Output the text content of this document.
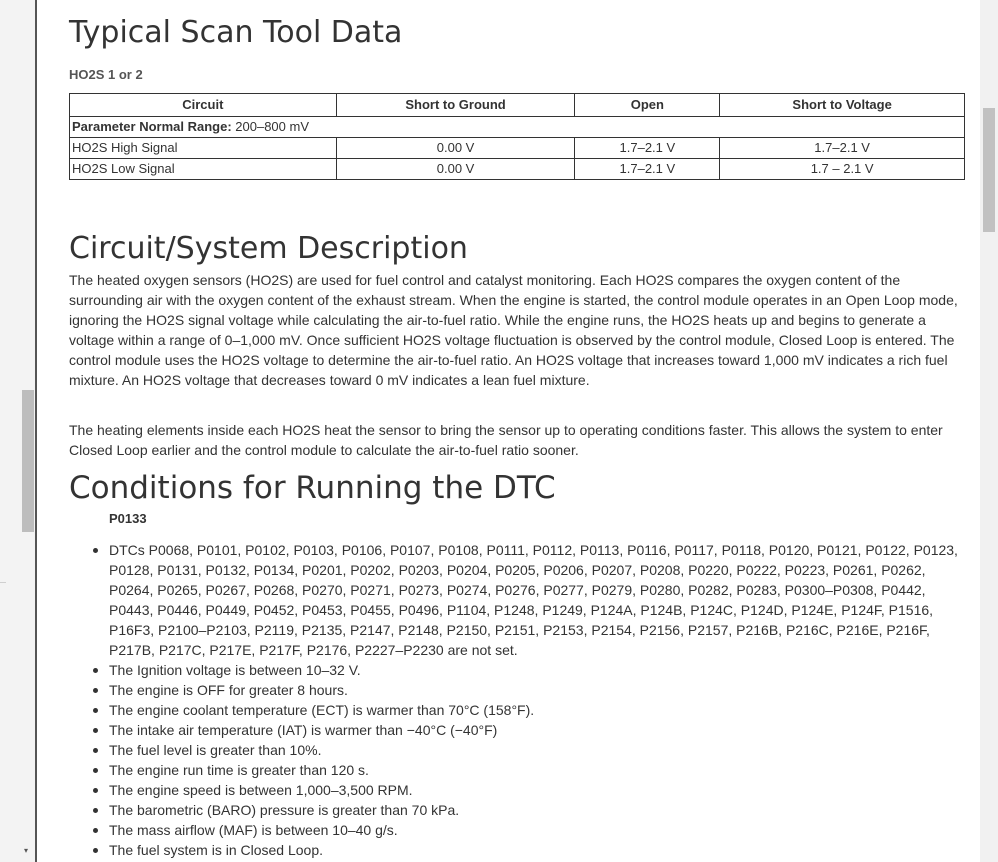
▾
Typical Scan Tool Data
HO2S 1 or 2
Circuit	Short to Ground	Open	Short to Voltage
Parameter Normal Range: 200–800 mV			
HO2S High Signal	0.00 V	1.7–2.1 V	1.7–2.1 V
HO2S Low Signal	0.00 V	1.7–2.1 V	1.7 – 2.1 V
Circuit/System Description

The heated oxygen sensors (HO2S) are used for fuel control and catalyst monitoring. Each HO2S compares the oxygen content of the surrounding air with the oxygen content of the exhaust stream. When the engine is started, the control module operates in an Open Loop mode, ignoring the HO2S signal voltage while calculating the air-to-fuel ratio. While the engine runs, the HO2S heats up and begins to generate a voltage within a range of 0–1,000 mV. Once sufficient HO2S voltage fluctuation is observed by the control module, Closed Loop is entered. The control module uses the HO2S voltage to determine the air-to-fuel ratio. An HO2S voltage that increases toward 1,000 mV indicates a rich fuel mixture. An HO2S voltage that decreases toward 0 mV indicates a lean fuel mixture.

The heating elements inside each HO2S heat the sensor to bring the sensor up to operating conditions faster. This allows the system to enter Closed Loop earlier and the control module to calculate the air-to-fuel ratio sooner.

Conditions for Running the DTC
P0133
DTCs P0068, P0101, P0102, P0103, P0106, P0107, P0108, P0111, P0112, P0113, P0116, P0117, P0118, P0120, P0121, P0122, P0123, P0128, P0131, P0132, P0134, P0201, P0202, P0203, P0204, P0205, P0206, P0207, P0208, P0220, P0222, P0223, P0261, P0262, P0264, P0265, P0267, P0268, P0270, P0271, P0273, P0274, P0276, P0277, P0279, P0280, P0282, P0283, P0300–P0308, P0442, P0443, P0446, P0449, P0452, P0453, P0455, P0496, P1104, P1248, P1249, P124A, P124B, P124C, P124D, P124E, P124F, P1516, P16F3, P2100–P2103, P2119, P2135, P2147, P2148, P2150, P2151, P2153, P2154, P2156, P2157, P216B, P216C, P216E, P216F, P217B, P217C, P217E, P217F, P2176, P2227–P2230 are not set.
The Ignition voltage is between 10–32 V.
The engine is OFF for greater 8 hours.
The engine coolant temperature (ECT) is warmer than 70°C (158°F).
The intake air temperature (IAT) is warmer than −40°C (−40°F)
The fuel level is greater than 10%.
The engine run time is greater than 120 s.
The engine speed is between 1,000–3,500 RPM.
The barometric (BARO) pressure is greater than 70 kPa.
The mass airflow (MAF) is between 10–40 g/s.
The fuel system is in Closed Loop.
